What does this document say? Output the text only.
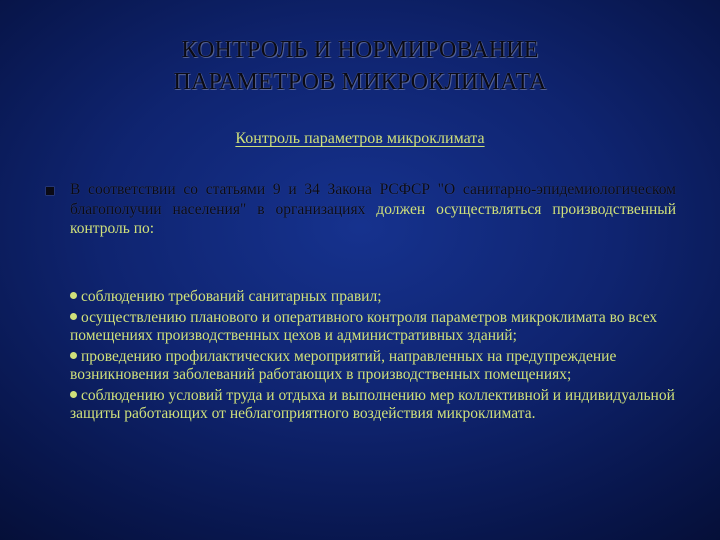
КОНТРОЛЬ И НОРМИРОВАНИЕ
ПАРАМЕТРОВ МИКРОКЛИМАТА
Контроль параметров микроклимата
В соответствии со статьями 9 и 34 Закона РСФСР "О санитарно-эпидемиологическом благополучии населения" в организациях должен осуществляться производственный контроль по:
соблюдению требований санитарных правил;
осуществлению планового и оперативного контроля параметров микроклимата во всех помещениях производственных цехов и административных зданий;
проведению профилактических мероприятий, направленных на предупреждение возникновения заболеваний работающих в производственных помещениях;
соблюдению условий труда и отдыха и выполнению мер коллективной и индивидуальной защиты работающих от неблагоприятного воздействия микроклимата.
